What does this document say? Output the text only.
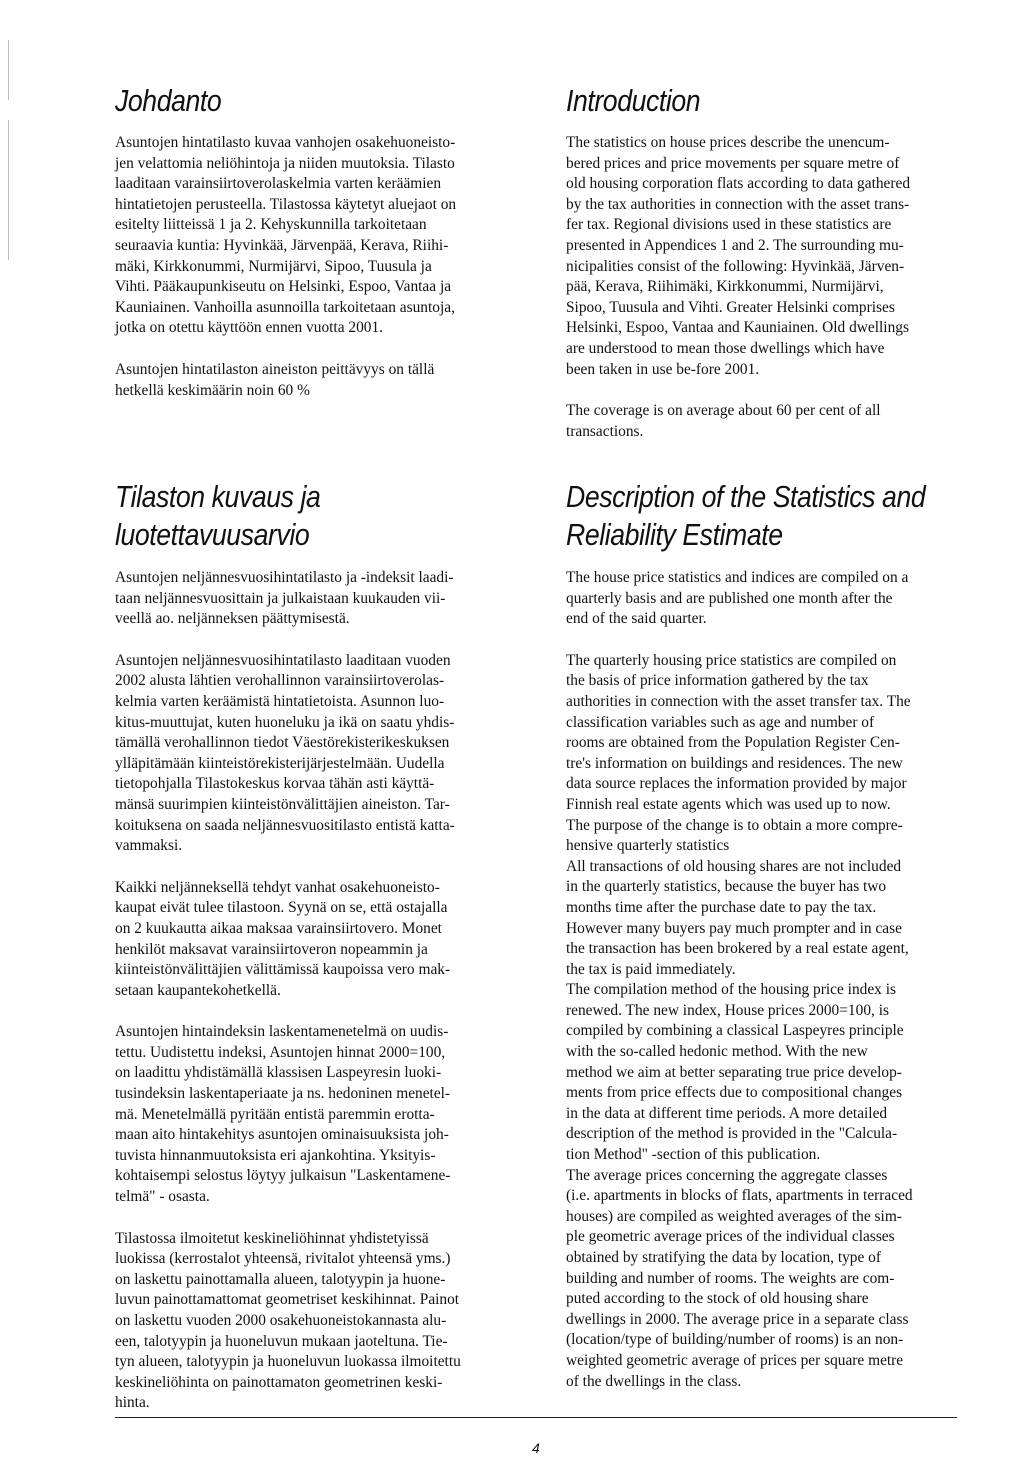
Johdanto

Asuntojen hintatilasto kuvaa vanhojen osakehuoneisto-
jen velattomia neliöhintoja ja niiden muutoksia. Tilasto
laaditaan varainsiirtoverolaskelmia varten keräämien
hintatietojen perusteella. Tilastossa käytetyt aluejaot on
esitelty liitteissä 1 ja 2. Kehyskunnilla tarkoitetaan
seuraavia kuntia: Hyvinkää, Järvenpää, Kerava, Riihi-
mäki, Kirkkonummi, Nurmijärvi, Sipoo, Tuusula ja
Vihti. Pääkaupunkiseutu on Helsinki, Espoo, Vantaa ja
Kauniainen. Vanhoilla asunnoilla tarkoitetaan asuntoja,
jotka on otettu käyttöön ennen vuotta 2001.

Asuntojen hintatilaston aineiston peittävyys on tällä
hetkellä keskimäärin noin 60 %

Introduction

The statistics on house prices describe the unencum-
bered prices and price movements per square metre of
old housing corporation flats according to data gathered
by the tax authorities in connection with the asset trans-
fer tax. Regional divisions used in these statistics are
presented in Appendices 1 and 2. The surrounding mu-
nicipalities consist of the following: Hyvinkää, Järven-
pää, Kerava, Riihimäki, Kirkkonummi, Nurmijärvi,
Sipoo, Tuusula and Vihti. Greater Helsinki comprises
Helsinki, Espoo, Vantaa and Kauniainen. Old dwellings
are understood to mean those dwellings which have
been taken in use be-fore 2001.

The coverage is on average about 60 per cent of all
transactions.

Tilaston kuvaus ja
luotettavuusarvio

Asuntojen neljännesvuosihintatilasto ja -indeksit laadi-
taan neljännesvuosittain ja julkaistaan kuukauden vii-
veellä ao. neljänneksen päättymisestä.

Asuntojen neljännesvuosihintatilasto laaditaan vuoden
2002 alusta lähtien verohallinnon varainsiirtoverolas-
kelmia varten keräämistä hintatietoista. Asunnon luo-
kitus-muuttujat, kuten huoneluku ja ikä on saatu yhdis-
tämällä verohallinnon tiedot Väestörekisterikeskuksen
ylläpitämään kiinteistörekisterijärjestelmään. Uudella
tietopohjalla Tilastokeskus korvaa tähän asti käyttä-
mänsä suurimpien kiinteistönvälittäjien aineiston. Tar-
koituksena on saada neljännesvuositilasto entistä katta-
vammaksi.

Kaikki neljänneksellä tehdyt vanhat osakehuoneisto-
kaupat eivät tulee tilastoon. Syynä on se, että ostajalla
on 2 kuukautta aikaa maksaa varainsiirtovero. Monet
henkilöt maksavat varainsiirtoveron nopeammin ja
kiinteistönvälittäjien välittämissä kaupoissa vero mak-
setaan kaupantekohetkellä.

Asuntojen hintaindeksin laskentamenetelmä on uudis-
tettu. Uudistettu indeksi, Asuntojen hinnat 2000=100,
on laadittu yhdistämällä klassisen Laspeyresin luoki-
tusindeksin laskentaperiaate ja ns. hedoninen menetel-
mä. Menetelmällä pyritään entistä paremmin erotta-
maan aito hintakehitys asuntojen ominaisuuksista joh-
tuvista hinnanmuutoksista eri ajankohtina. Yksityis-
kohtaisempi selostus löytyy julkaisun "Laskentamene-
telmä" - osasta.

Tilastossa ilmoitetut keskineliöhinnat yhdistetyissä
luokissa (kerrostalot yhteensä, rivitalot yhteensä yms.)
on laskettu painottamalla alueen, talotyypin ja huone-
luvun painottamattomat geometriset keskihinnat. Painot
on laskettu vuoden 2000 osakehuoneistokannasta alu-
een, talotyypin ja huoneluvun mukaan jaoteltuna. Tie-
tyn alueen, talotyypin ja huoneluvun luokassa ilmoitettu
keskineliöhinta on painottamaton geometrinen keski-
hinta.

Description of the Statistics and
Reliability Estimate

The house price statistics and indices are compiled on a
quarterly basis and are published one month after the
end of the said quarter.

The quarterly housing price statistics are compiled on
the basis of price information gathered by the tax
authorities in connection with the asset transfer tax. The
classification variables such as age and number of
rooms are obtained from the Population Register Cen-
tre's information on buildings and residences. The new
data source replaces the information provided by major
Finnish real estate agents which was used up to now.
The purpose of the change is to obtain a more compre-
hensive quarterly statistics
All transactions of old housing shares are not included
in the quarterly statistics, because the buyer has two
months time after the purchase date to pay the tax.
However many buyers pay much prompter and in case
the transaction has been brokered by a real estate agent,
the tax is paid immediately.
The compilation method of the housing price index is
renewed. The new index, House prices 2000=100, is
compiled by combining a classical Laspeyres principle
with the so-called hedonic method. With the new
method we aim at better separating true price develop-
ments from price effects due to compositional changes
in the data at different time periods. A more detailed
description of the method is provided in the "Calcula-
tion Method" -section of this publication.
The average prices concerning the aggregate classes
(i.e. apartments in blocks of flats, apartments in terraced
houses) are compiled as weighted averages of the sim-
ple geometric average prices of the individual classes
obtained by stratifying the data by location, type of
building and number of rooms. The weights are com-
puted according to the stock of old housing share
dwellings in 2000. The average price in a separate class
(location/type of building/number of rooms) is an non-
weighted geometric average of prices per square metre
of the dwellings in the class.

4
